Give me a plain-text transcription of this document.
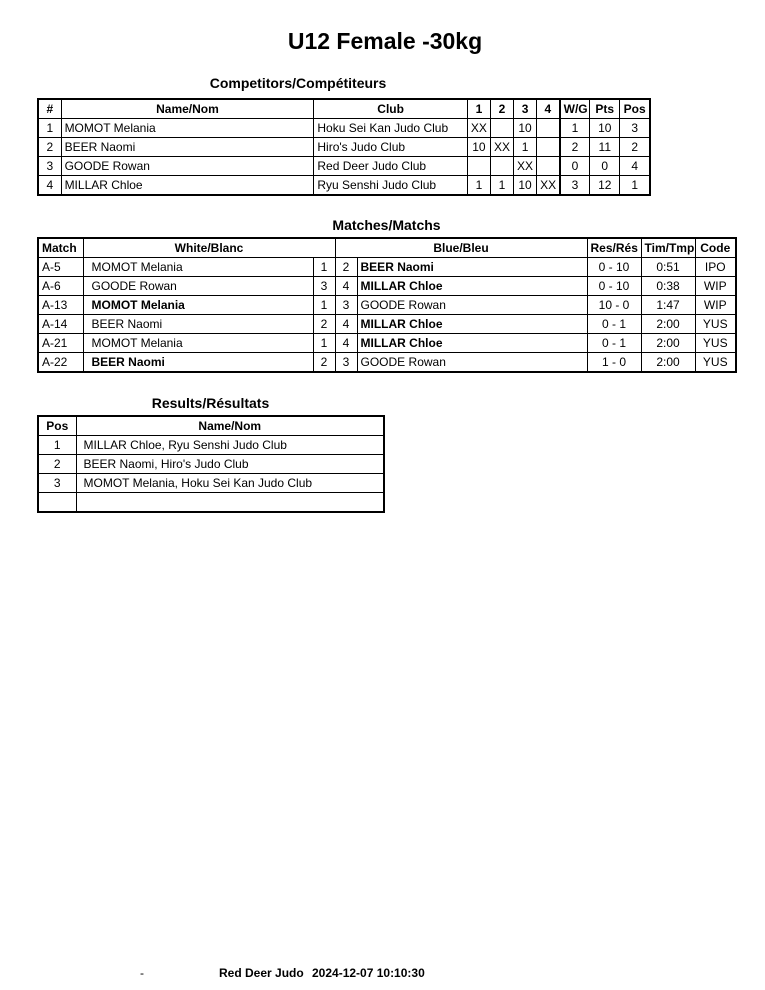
U12 Female -30kg
Competitors/Compétiteurs
#	Name/Nom	Club	1	2	3	4	W/G	Pts	Pos
1	MOMOT Melania	Hoku Sei Kan Judo Club	XX		10		1	10	3
2	BEER Naomi	Hiro's Judo Club	10	XX	1		2	11	2
3	GOODE Rowan	Red Deer Judo Club			XX		0	0	4
4	MILLAR Chloe	Ryu Senshi Judo Club	1	1	10	XX	3	12	1
Matches/Matchs
Match	White/Blanc		Blue/Bleu		Res/Rés	Tim/Tmp	Code
A-5	MOMOT Melania	1	2	BEER Naomi	0 - 10	0:51	IPO
A-6	GOODE Rowan	3	4	MILLAR Chloe	0 - 10	0:38	WIP
A-13	MOMOT Melania	1	3	GOODE Rowan	10 - 0	1:47	WIP
A-14	BEER Naomi	2	4	MILLAR Chloe	0 - 1	2:00	YUS
A-21	MOMOT Melania	1	4	MILLAR Chloe	0 - 1	2:00	YUS
A-22	BEER Naomi	2	3	GOODE Rowan	1 - 0	2:00	YUS
Results/Résultats
Pos	Name/Nom
1	MILLAR Chloe, Ryu Senshi Judo Club
2	BEER Naomi, Hiro's Judo Club
3	MOMOT Melania, Hoku Sei Kan Judo Club

-	Red Deer Judo 2024-12-07 10:10:30
